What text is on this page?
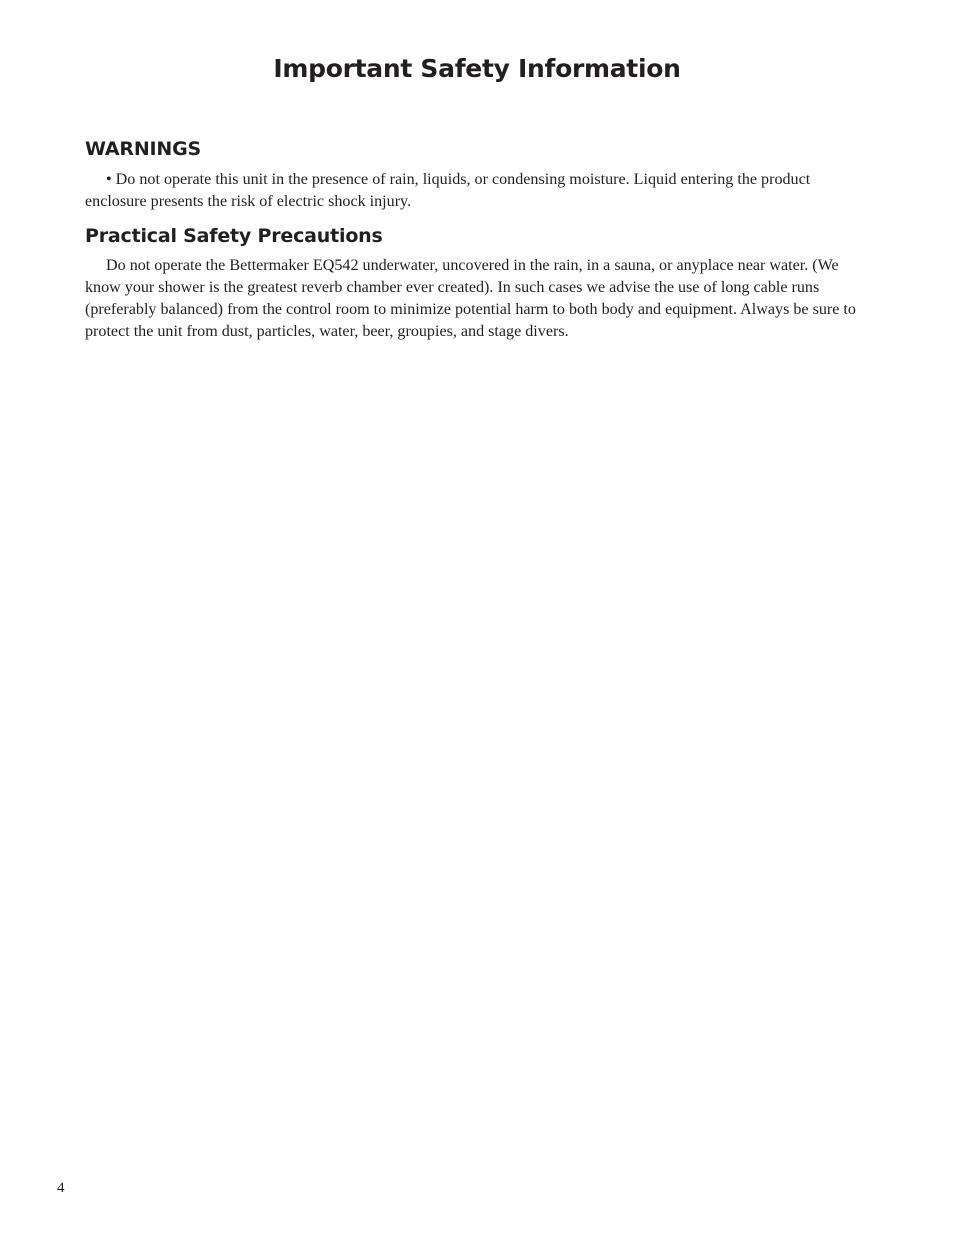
Important Safety Information
WARNINGS

• Do not operate this unit in the presence of rain, liquids, or condensing moisture. Liquid entering the product enclosure presents the risk of electric shock injury.

Practical Safety Precautions

Do not operate the Bettermaker EQ542 underwater, uncovered in the rain, in a sauna, or anyplace near water. (We know your shower is the greatest reverb chamber ever created). In such cases we advise the use of long cable runs (preferably balanced) from the control room to minimize potential harm to both body and equipment. Always be sure to protect the unit from dust, particles, water, beer, groupies, and stage divers.

4
